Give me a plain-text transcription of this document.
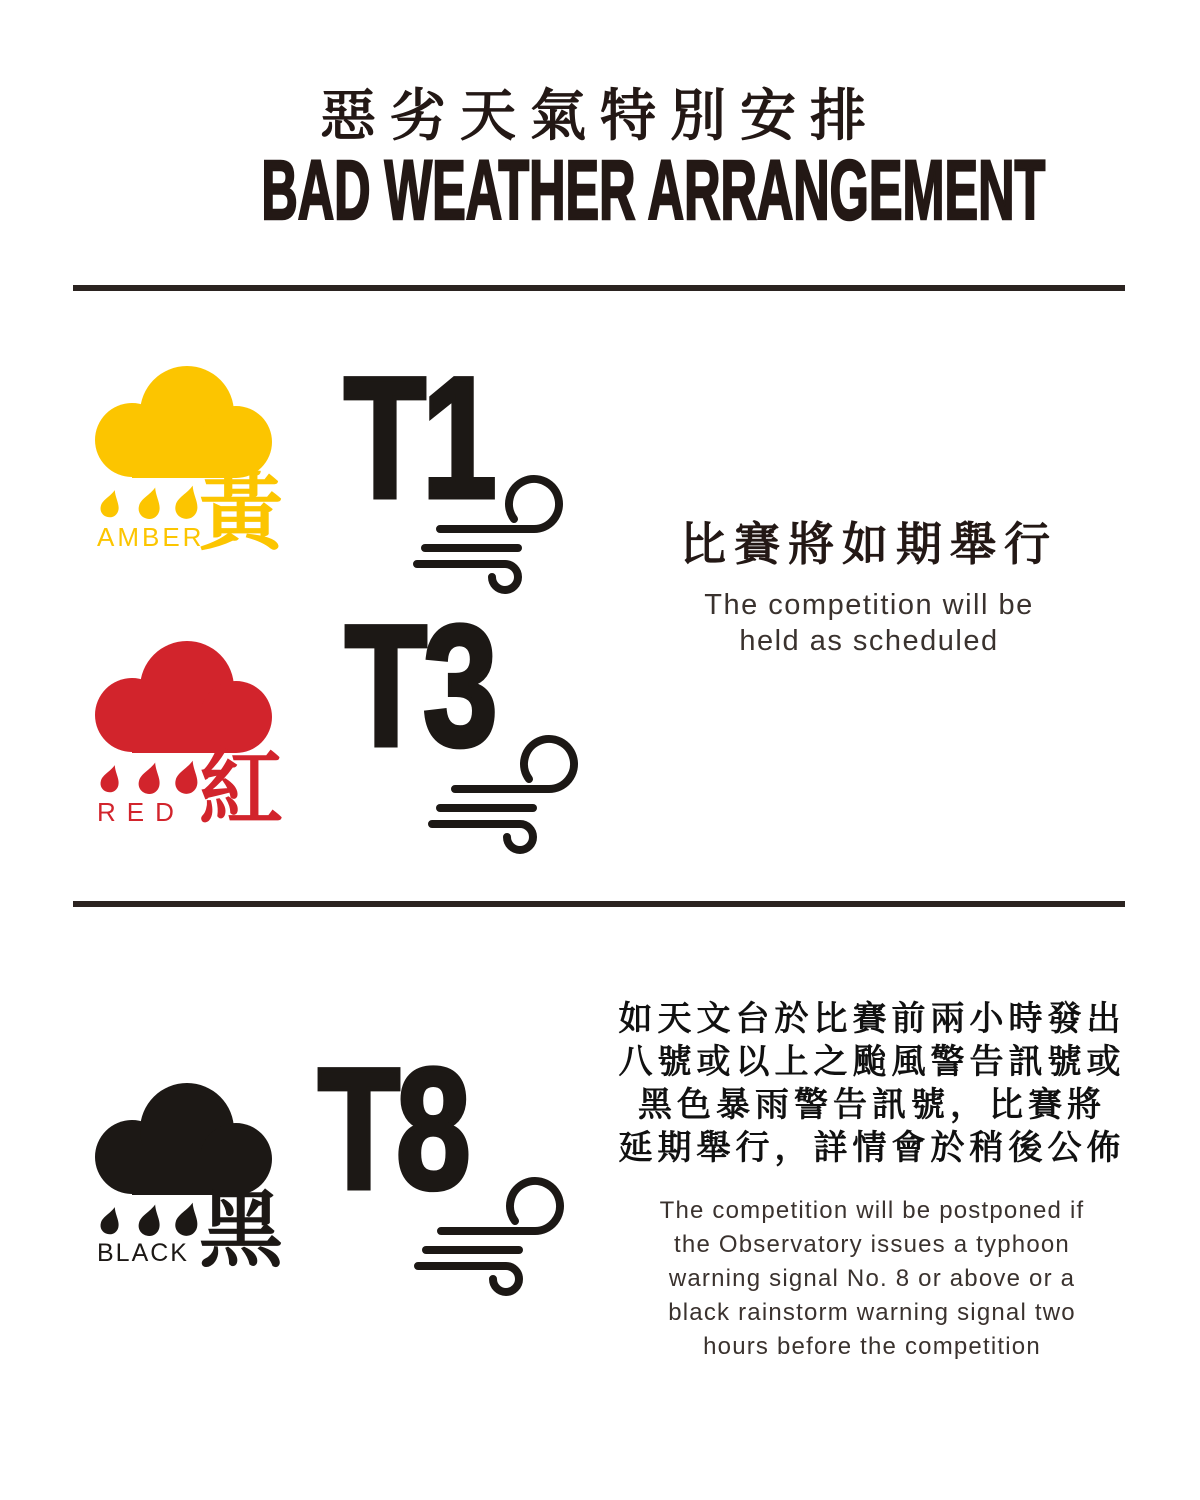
惡劣天氣特別安排
BAD WEATHER ARRANGEMENT
AMBER
黃 T1
比賽將如期舉行
The competition will be
held as scheduled
RED 紅
T3
BLACK 黑
T8
如天文台於比賽前兩小時發出
八號或以上之颱風警告訊號或
黑色暴雨警告訊號，比賽將
延期舉行，詳情會於稍後公佈
The competition will be postponed if
the Observatory issues a typhoon
warning signal No. 8 or above or a
black rainstorm warning signal two
hours before the competition
